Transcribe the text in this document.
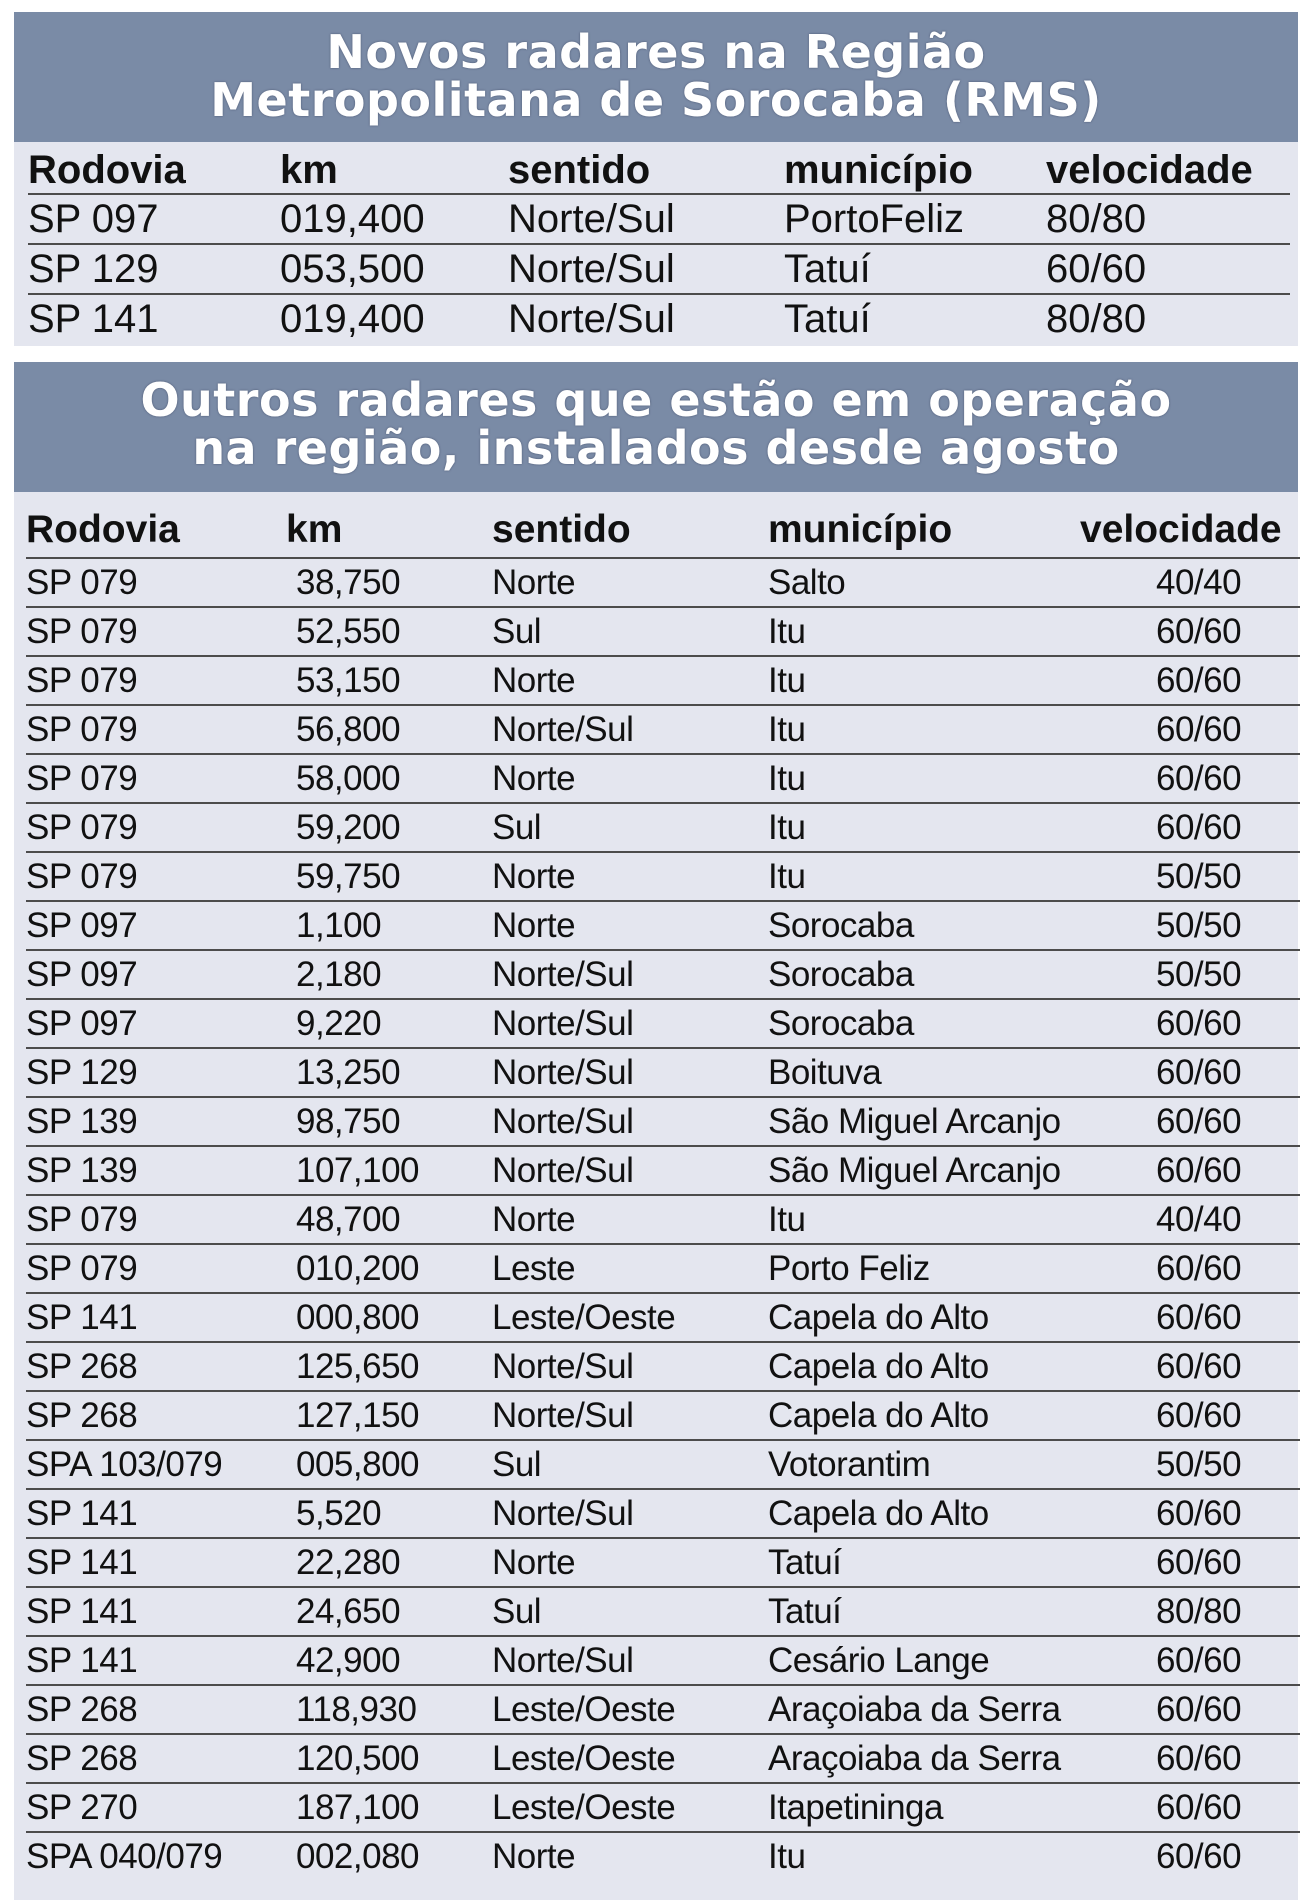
Novos radares na Região
Metropolitana de Sorocaba (RMS)
Rodovia	km	sentido	município	velocidade
SP 097	019,400	Norte/Sul	PortoFeliz	80/80
SP 129	053,500	Norte/Sul	Tatuí	60/60
SP 141	019,400	Norte/Sul	Tatuí	80/80
Outros radares que estão em operação
na região, instalados desde agosto
Rodovia	km	sentido	município	velocidade
SP 079	38,750	Norte	Salto	40/40
SP 079	52,550	Sul	Itu	60/60
SP 079	53,150	Norte	Itu	60/60
SP 079	56,800	Norte/Sul	Itu	60/60
SP 079	58,000	Norte	Itu	60/60
SP 079	59,200	Sul	Itu	60/60
SP 079	59,750	Norte	Itu	50/50
SP 097	1,100	Norte	Sorocaba	50/50
SP 097	2,180	Norte/Sul	Sorocaba	50/50
SP 097	9,220	Norte/Sul	Sorocaba	60/60
SP 129	13,250	Norte/Sul	Boituva	60/60
SP 139	98,750	Norte/Sul	São Miguel Arcanjo	60/60
SP 139	107,100	Norte/Sul	São Miguel Arcanjo	60/60
SP 079	48,700	Norte	Itu	40/40
SP 079	010,200	Leste	Porto Feliz	60/60
SP 141	000,800	Leste/Oeste	Capela do Alto	60/60
SP 268	125,650	Norte/Sul	Capela do Alto	60/60
SP 268	127,150	Norte/Sul	Capela do Alto	60/60
SPA 103/079	005,800	Sul	Votorantim	50/50
SP 141	5,520	Norte/Sul	Capela do Alto	60/60
SP 141	22,280	Norte	Tatuí	60/60
SP 141	24,650	Sul	Tatuí	80/80
SP 141	42,900	Norte/Sul	Cesário Lange	60/60
SP 268	118,930	Leste/Oeste	Araçoiaba da Serra	60/60
SP 268	120,500	Leste/Oeste	Araçoiaba da Serra	60/60
SP 270	187,100	Leste/Oeste	Itapetininga	60/60
SPA 040/079	002,080	Norte	Itu	60/60
